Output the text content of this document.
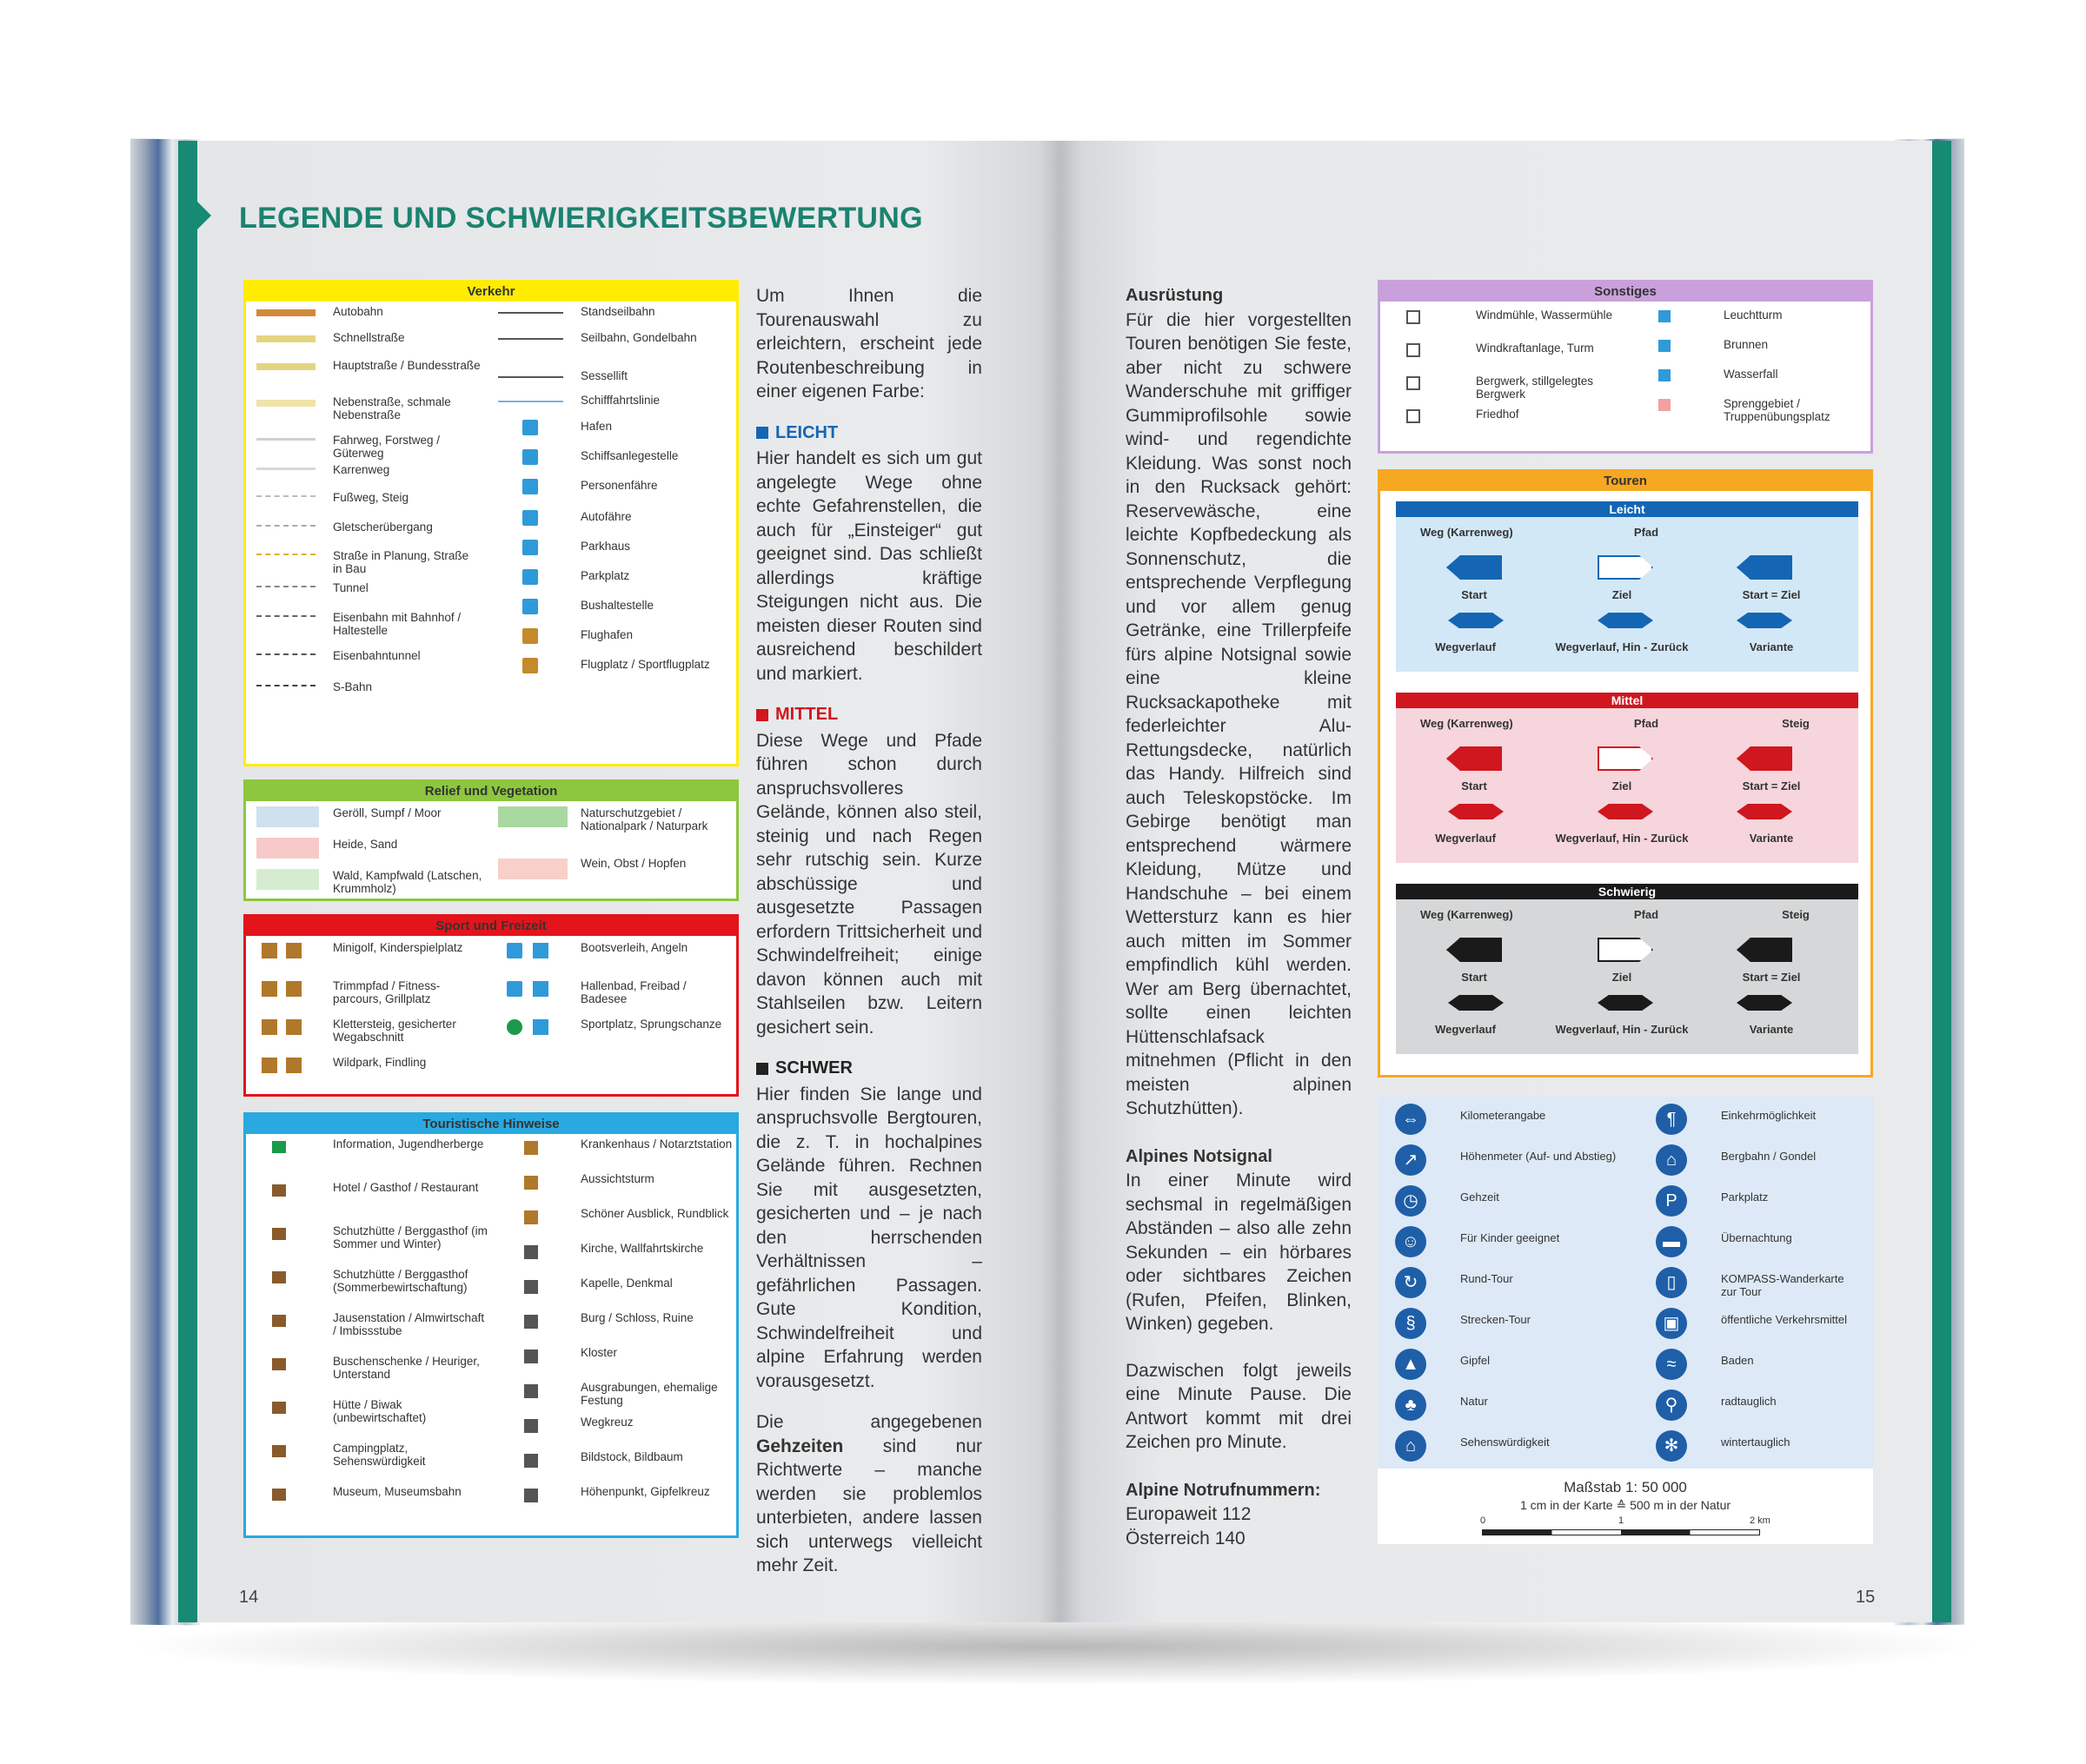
LEGENDE UND SCHWIERIGKEITSBEWERTUNG
Verkehr
Autobahn
Schnellstraße
Hauptstraße / Bundesstraße
Nebenstraße, schmale Nebenstraße
Fahrweg, Forstweg / Güterweg
Karrenweg
Fußweg, Steig
Gletscherübergang
Straße in Planung, Straße in Bau
Tunnel
Eisenbahn mit Bahnhof / Haltestelle
Eisenbahntunnel
S-Bahn
Standseilbahn
Seilbahn, Gondelbahn
Sessellift
Schifffahrtslinie
Hafen
Schiffsanlegestelle
Personenfähre
Autofähre
Parkhaus
Parkplatz
Bushaltestelle
Flughafen
Flugplatz / Sportflugplatz
Relief und Vegetation
Geröll, Sumpf / Moor
Heide, Sand
Wald, Kampfwald (Latschen, Krummholz)
Naturschutzgebiet / Nationalpark / Naturpark
Wein, Obst / Hopfen
Sport und Freizeit
Minigolf, Kinderspielplatz
Trimmpfad / Fitness-parcours, Grillplatz
Klettersteig, gesicherter Wegabschnitt
Wildpark, Findling
Bootsverleih, Angeln
Hallenbad, Freibad / Badesee
Sportplatz, Sprungschanze
Touristische Hinweise
Information, Jugendherberge
Hotel / Gasthof / Restaurant
Schutzhütte / Berggasthof (im Sommer und Winter)
Schutzhütte / Berggasthof (Sommerbewirtschaftung)
Jausenstation / Almwirtschaft / Imbissstube
Buschenschenke / Heuriger, Unterstand
Hütte / Biwak (unbewirtschaftet)
Campingplatz, Sehenswürdigkeit
Museum, Museumsbahn
Krankenhaus / Notarztstation
Aussichtsturm
Schöner Ausblick, Rundblick
Kirche, Wallfahrtskirche
Kapelle, Denkmal
Burg / Schloss, Ruine
Kloster
Ausgrabungen, ehemalige Festung
Wegkreuz
Bildstock, Bildbaum
Höhenpunkt, Gipfelkreuz

Um Ihnen die Tourenauswahl zu erleichtern, erscheint jede Routenbeschreibung in einer eigenen Farbe:

LEICHT

Hier handelt es sich um gut angelegte Wege ohne echte Gefahrenstellen, die auch für „Einsteiger“ gut geeignet sind. Das schließt allerdings kräftige Steigungen nicht aus. Die meisten dieser Routen sind ausreichend beschildert und markiert.

MITTEL

Diese Wege und Pfade führen schon durch anspruchsvolleres Gelände, können also steil, steinig und nach Regen sehr rutschig sein. Kurze abschüssige und ausgesetzte Passagen erfordern Trittsicherheit und Schwindelfreiheit; einige davon können auch mit Stahlseilen bzw. Leitern gesichert sein.

SCHWER

Hier finden Sie lange und anspruchsvolle Bergtouren, die z. T. in hochalpines Gelände führen. Rechnen Sie mit ausgesetzten, gesicherten und – je nach den herrschenden Verhältnissen – gefährlichen Passagen. Gute Kondition, Schwindelfreiheit und alpine Erfahrung werden vorausgesetzt.

Die angegebenen Gehzeiten sind nur Richtwerte – manche werden sie problemlos unterbieten, andere lassen sich unterwegs vielleicht mehr Zeit.

14
Ausrüstung

Für die hier vorgestellten Touren benötigen Sie feste, aber nicht zu schwere Wanderschuhe mit griffiger Gummiprofilsohle sowie wind- und regendichte Kleidung. Was sonst noch in den Rucksack gehört: Reservewäsche, eine leichte Kopfbedeckung als Sonnenschutz, die entsprechende Verpflegung und vor allem genug Getränke, eine Trillerpfeife fürs alpine Notsignal sowie eine kleine Rucksackapotheke mit federleichter Alu-Rettungsdecke, natürlich das Handy. Hilfreich sind auch Teleskopstöcke. Im Gebirge benötigt man entsprechend wärmere Kleidung, Mütze und Handschuhe – bei einem Wettersturz kann es hier auch mitten im Sommer empfindlich kühl werden. Wer am Berg übernachtet, sollte einen leichten Hüttenschlafsack mitnehmen (Pflicht in den meisten alpinen Schutzhütten).

Alpines Notsignal

In einer Minute wird sechsmal in regelmäßigen Abständen – also alle zehn Sekunden – ein hörbares oder sichtbares Zeichen (Rufen, Pfeifen, Blinken, Winken) gegeben.

Dazwischen folgt jeweils eine Minute Pause. Die Antwort kommt mit drei Zeichen pro Minute.

Alpine Notrufnummern:

Europaweit 112

Österreich 140

Sonstiges
Windmühle, Wassermühle
Windkraftanlage, Turm
Bergwerk, stillgelegtes Bergwerk
Friedhof
Leuchtturm
Brunnen
Wasserfall
Sprenggebiet / Truppenübungsplatz
Touren
Leicht
Weg (Karrenweg)	Pfad
Start	Ziel	Start = Ziel
Wegverlauf	Wegverlauf, Hin - Zurück	Variante
Mittel
Weg (Karrenweg)	Pfad	Steig
Start	Ziel	Start = Ziel
Wegverlauf	Wegverlauf, Hin - Zurück	Variante
Schwierig
Weg (Karrenweg)	Pfad	Steig
Start	Ziel	Start = Ziel
Wegverlauf	Wegverlauf, Hin - Zurück	Variante
⇔	Kilometerangabe
↗	Höhenmeter (Auf- und Abstieg)
◷	Gehzeit
☺	Für Kinder geeignet
↻	Rund-Tour
§	Strecken-Tour
▲	Gipfel
♣	Natur
⌂	Sehenswürdigkeit
¶	Einkehrmöglichkeit
⌂	Bergbahn / Gondel
P	Parkplatz
▬	Übernachtung
▯	KOMPASS-Wanderkarte zur Tour
▣	öffentliche Verkehrsmittel
≈	Baden
⚲	radtauglich
✻	wintertauglich
Maßstab 1: 50 000
1 cm in der Karte ≙ 500 m in der Natur
0	1	2 km
15
